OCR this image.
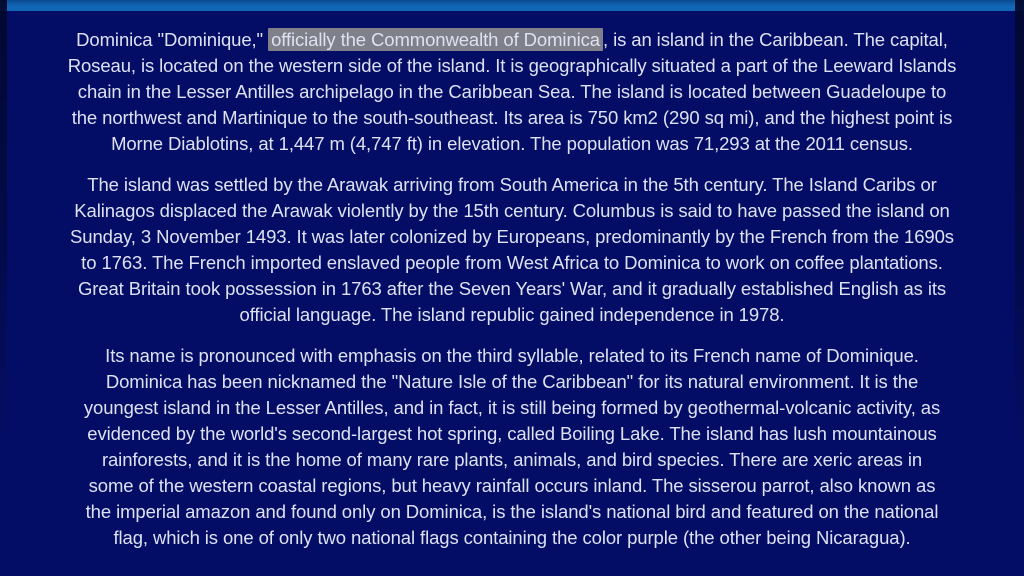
Dominica "Dominique," officially the Commonwealth of Dominica , is an island in the Caribbean. The capital,
Roseau, is located on the western side of the island. It is geographically situated a part of the Leeward Islands
chain in the Lesser Antilles archipelago in the Caribbean Sea. The island is located between Guadeloupe to
the northwest and Martinique to the south-southeast. Its area is 750 km2 (290 sq mi), and the highest point is
Morne Diablotins, at 1,447 m (4,747 ft) in elevation. The population was 71,293 at the 2011 census.
The island was settled by the Arawak arriving from South America in the 5th century. The Island Caribs or
Kalinagos displaced the Arawak violently by the 15th century. Columbus is said to have passed the island on
Sunday, 3 November 1493. It was later colonized by Europeans, predominantly by the French from the 1690s
to 1763. The French imported enslaved people from West Africa to Dominica to work on coffee plantations.
Great Britain took possession in 1763 after the Seven Years' War, and it gradually established English as its
official language. The island republic gained independence in 1978.
Its name is pronounced with emphasis on the third syllable, related to its French name of Dominique.
Dominica has been nicknamed the "Nature Isle of the Caribbean" for its natural environment. It is the
youngest island in the Lesser Antilles, and in fact, it is still being formed by geothermal-volcanic activity, as
evidenced by the world's second-largest hot spring, called Boiling Lake. The island has lush mountainous
rainforests, and it is the home of many rare plants, animals, and bird species. There are xeric areas in
some of the western coastal regions, but heavy rainfall occurs inland. The sisserou parrot, also known as
the imperial amazon and found only on Dominica, is the island's national bird and featured on the national
flag, which is one of only two national flags containing the color purple (the other being Nicaragua).
